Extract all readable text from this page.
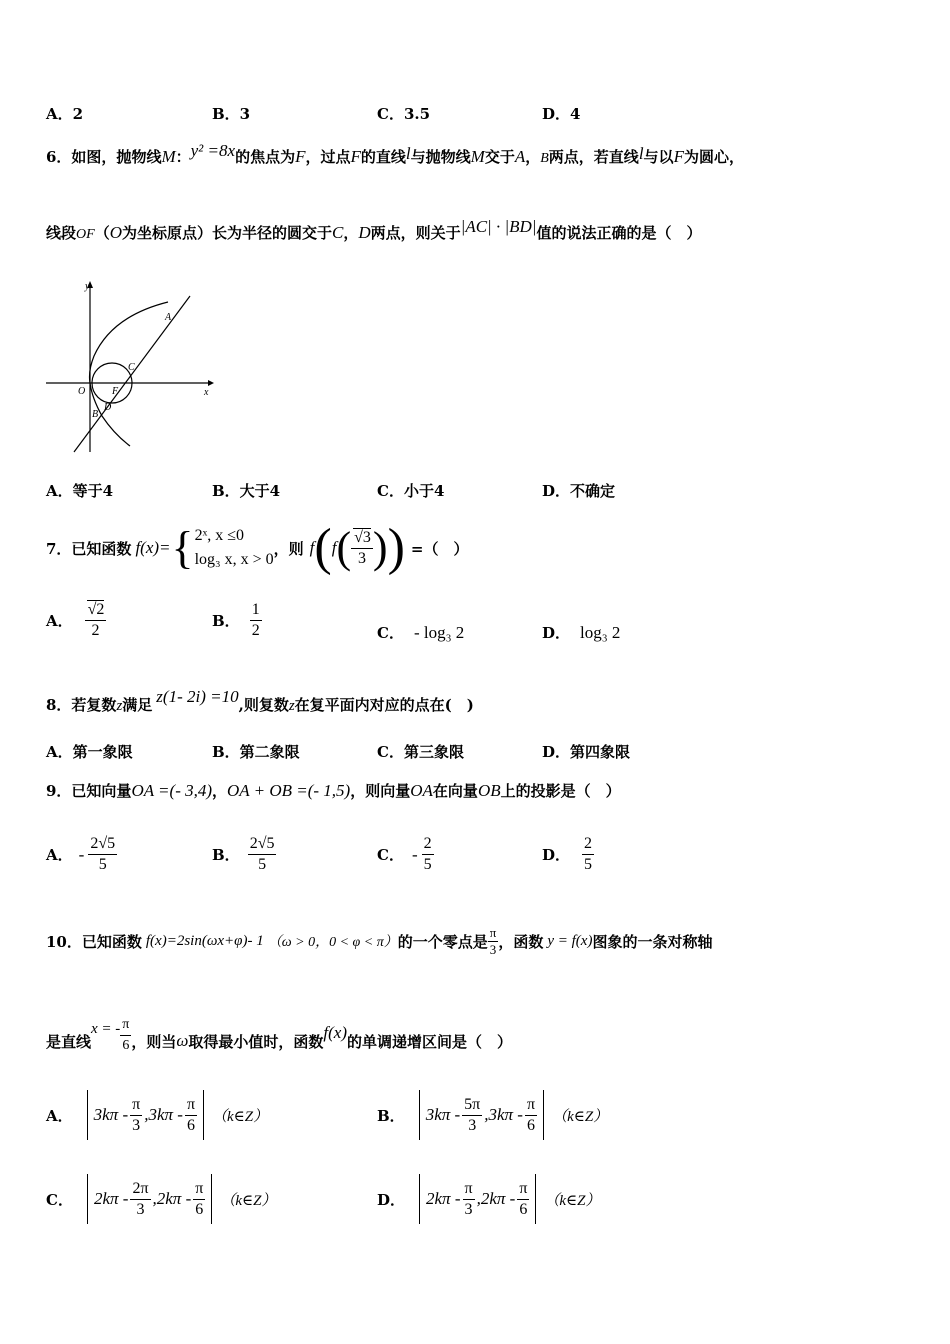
A．2	B．3	C．3.5	D．4
6．如图，抛物线M：y² =8x的焦点为F，过点F的直线l与抛物线M交于A，B两点，若直线l与以F为圆心，
线段OF（O为坐标原点）长为半径的圆交于C，D两点，则关于|AC| · |BD|值的说法正确的是（　）
y
x
O	F
A
C
D
B
A．等于4	B．大于4	C．小于4	D．不确定
7．已知函数 f(x)= { 2ˣ, x ≤0
log₃ x, x > 0
，则 f ( f ( $\frac{√3}{3}$ ) ) =（　）
A． $\frac{√2}{2}$	B． $\frac{1}{2}$	C． - log₃ 2	D． log₃ 2
8．若复数z满足 z(1- 2i) =10,则复数z在复平面内对应的点在(　)
A．第一象限	B．第二象限	C．第三象限	D．第四象限
9．已知向量OA =(- 3,4)，OA + OB =(- 1,5)，则向量OA在向量OB上的投影是（　）
A． - $\frac{2√5}{5}$	B． $\frac{2√5}{5}$	C． - $\frac{2}{5}$	D． $\frac{2}{5}$
10．已知函数 f(x)=2sin(ωx+φ)- 1 （ω > 0，0 < φ < π） 的一个零点是 $\frac{\pi}{3}$ ，函数 y = f(x) 图象的一条对称轴
是直线
x = - $\frac{\pi}{6}$ ，则当 ω 取得最小值时，函数 f(x) 的单调递增区间是（　）
A． $3k\pi - \frac{\pi}{3} ,3k\pi - \frac{\pi}{6}$ （k∈Z）	B． $3k\pi - \frac{5\pi}{3} ,3k\pi - \frac{\pi}{6}$ （k∈Z）
C． $2k\pi - \frac{2\pi}{3} ,2k\pi - \frac{\pi}{6}$ （k∈Z）	D． $2k\pi - \frac{\pi}{3} ,2k\pi - \frac{\pi}{6}$ （k∈Z）
